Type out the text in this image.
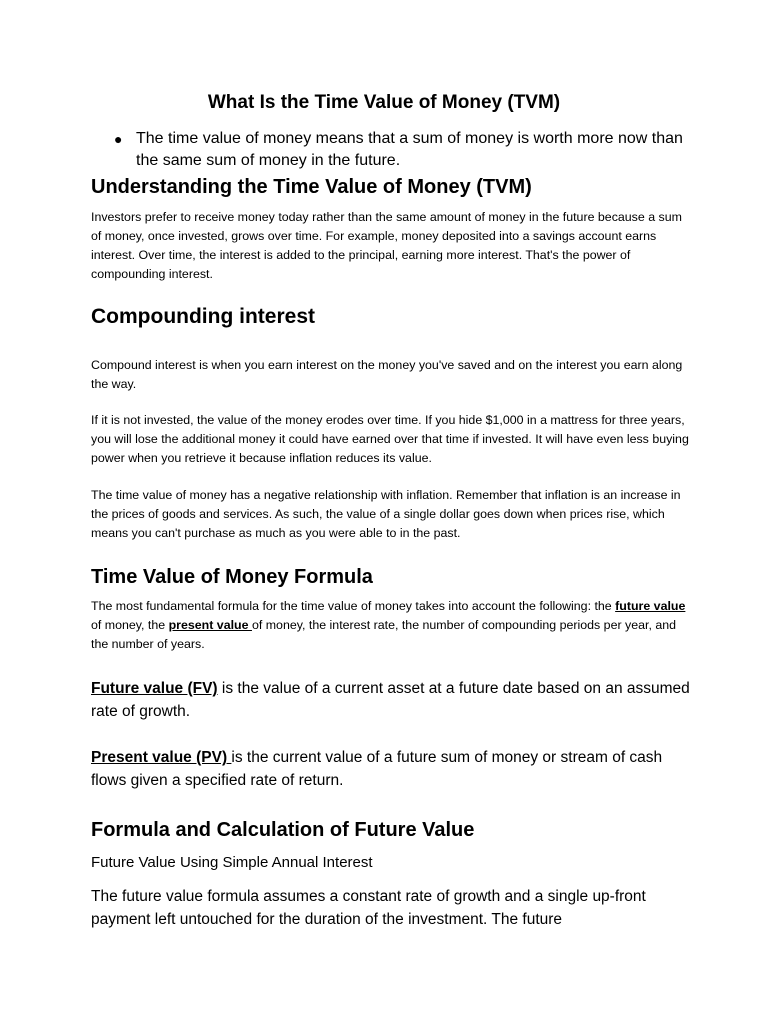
What Is the Time Value of Money (TVM)
● The time value of money means that a sum of money is worth more now than the same sum of money in the future.
Understanding the Time Value of Money (TVM)

Investors prefer to receive money today rather than the same amount of money in the future because a sum of money, once invested, grows over time. For example, money deposited into a savings account earns interest. Over time, the interest is added to the principal, earning more interest. That's the power of compounding interest.

Compounding interest

Compound interest is when you earn interest on the money you've saved and on the interest you earn along the way.

If it is not invested, the value of the money erodes over time. If you hide $1,000 in a mattress for three years, you will lose the additional money it could have earned over that time if invested. It will have even less buying power when you retrieve it because inflation reduces its value.

The time value of money has a negative relationship with inflation. Remember that inflation is an increase in the prices of goods and services. As such, the value of a single dollar goes down when prices rise, which means you can't purchase as much as you were able to in the past.

Time Value of Money Formula

The most fundamental formula for the time value of money takes into account the following: the future value of money, the present value of money, the interest rate, the number of compounding periods per year, and the number of years.

Future value (FV) is the value of a current asset at a future date based on an assumed rate of growth.

Present value (PV) is the current value of a future sum of money or stream of cash flows given a specified rate of return.

Formula and Calculation of Future Value

Future Value Using Simple Annual Interest

The future value formula assumes a constant rate of growth and a single up-front payment left untouched for the duration of the investment. The future
